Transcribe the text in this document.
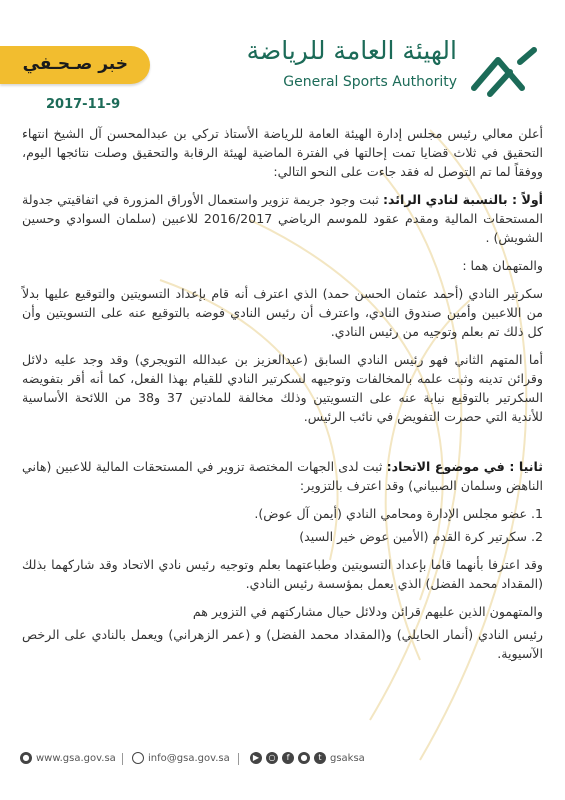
خبر صـحـفي
2017-11-9
الهيئة العامة للرياضة
General Sports Authority

أعلن معالي رئيس مجلس إدارة الهيئة العامة للرياضة الأستاذ تركي بن عبدالمحسن آل الشيخ انتهاء التحقيق في ثلاث قضايا تمت إحالتها في الفترة الماضية لهيئة الرقابة والتحقيق وصلت نتائجها اليوم، ووفقاً لما تم التوصل له فقد جاءت على النحو التالي:

أولاً : بالنسبة لنادي الرائد: ثبت وجود جريمة تزوير واستعمال الأوراق المزورة في اتفاقيتي جدولة المستحقات المالية ومقدم عقود للموسم الرياضي 2016/2017 للاعبين (سلمان السوادي وحسين الشويش) .

والمتهمان هما :

سكرتير النادي (أحمد عثمان الحسن حمد) الذي اعترف أنه قام بإعداد التسويتين والتوقيع عليها بدلاً من اللاعبين وأمين صندوق النادي، واعترف أن رئيس النادي فوضه بالتوقيع عنه على التسويتين وأن كل ذلك تم بعلم وتوجيه من رئيس النادي.

أما المتهم الثاني فهو رئيس النادي السابق (عبدالعزيز بن عبدالله التويجري) وقد وجد عليه دلائل وقرائن تدينه وثبت علمه بالمخالفات وتوجيهه لسكرتير النادي للقيام بهذا الفعل، كما أنه أقر بتفويضه السكرتير بالتوقيع نيابة عنه على التسويتين وذلك مخالفة للمادتين 37 و38 من اللائحة الأساسية للأندية التي حصرت التفويض في نائب الرئيس.

ثانيا : في موضوع الاتحاد: ثبت لدى الجهات المختصة تزوير في المستحقات المالية للاعبين (هاني الناهض وسلمان الصبياني) وقد اعترف بالتزوير:

1. عضو مجلس الإدارة ومحامي النادي (أيمن آل عوض).

2. سكرتير كرة القدم (الأمين عوض خير السيد)

وقد اعترفا بأنهما قاما بإعداد التسويتين وطباعتهما بعلم وتوجيه رئيس نادي الاتحاد وقد شاركهما بذلك (المقداد محمد الفضل) الذي يعمل بمؤسسة رئيس النادي.

والمتهمون الذين عليهم قرائن ودلائل حيال مشاركتهم في التزوير هم

رئيس النادي (أنمار الحايلي) و(المقداد محمد الفضل) و (عمر الزهراني) ويعمل بالنادي على الرخص الآسيوية.

● www.gsa.gov.sa	info@gsa.gov.sa	▶	○	f	●	t gsaksa
